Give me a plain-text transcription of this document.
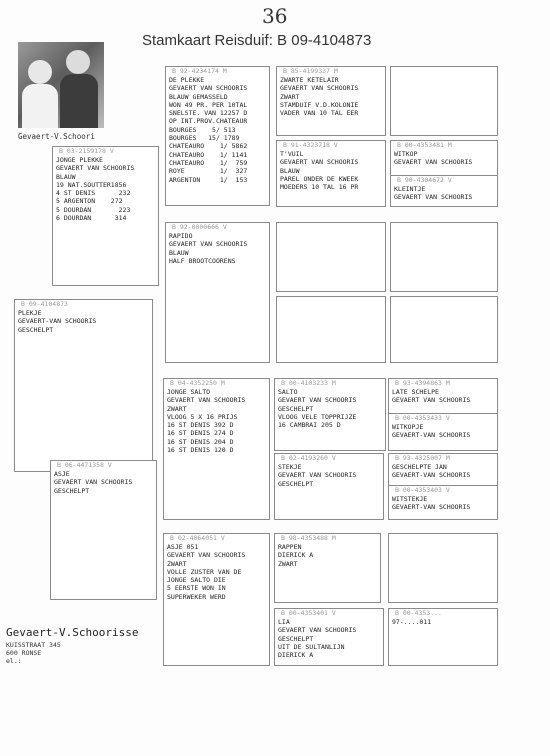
36
Stamkaart Reisduif: B 09-4104873
Gevaert-V.Schoori
B 09-4104873
PLEKJE
GEVAERT-VAN SCHOORIS
GESCHELPT
B 03-2159178 V
JONGE PLEKKE
GEVAERT VAN SCHOORIS
BLAUW
19 NAT.SOUTTER1856
4 ST DENIS      232
5 ARGENTON    272
5 DOURDAN       223
6 DOURDAN      314
B 06-4471358 V
ASJE
GEVAERT VAN SCHOORIS
GESCHELPT
B 92-4234174 M
DE PLEKKE
GEVAERT VAN SCHOORIS
BLAUW GEMASSELD
WON 49 PR. PER 10TAL
SNELSTE. VAN 12257 D
OP INT.PROV.CHATEAUR
BOURGES    5/ 513
BOURGES   15/ 1789
CHATEAURO    1/ 5862
CHATEAURO    1/ 1141
CHATEAURO    1/  759
ROYE         1/  327
ARGENTON     1/  153
B 92-0000666 V
RAPIDO
GEVAERT VAN SCHOORIS
BLAUW
HALF BROOTCOORENS
B 04-4352250 M
JONGE SALTO
GEVAERT VAN SCHOORIS
ZWART
VLOOG 5 X 16 PRIJS
16 ST DENIS 392 D
16 ST DENIS 274 D
16 ST DENIS 204 D
16 ST DENIS 120 D
B 02-4064051 V
ASJE 051
GEVAERT VAN SCHOORIS
ZWART
VOLLE ZUSTER VAN DE
JONGE SALTO DIE
5 EERSTE WON IN
SUPERWEKER WERD
B 85-4199337 M
ZWARTE KETELAIR
GEVAERT VAN SCHOORIS
ZWART
STAMDUIF V.D.KOLONIE
VADER VAN 10 TAL EER
B 91-4323718 V
T'VUIL
GEVAERT VAN SCHOORIS
BLAUW
PAREL ONDER DE KWEEK
MOEDERS 10 TAL 16 PR
B 00-4103233 M
SALTO
GEVAERT VAN SCHOORIS
GESCHELPT
VLOOG VELE TOPPRIJZE
16 CAMBRAI 205 D
B 02-4193260 V
STEKJE
GEVAERT VAN SCHOORIS
GESCHELPT
B 98-4353488 M
RAPPEN
DIERICK A
ZWART
B 00-4353401 V
LIA
GEVAERT VAN SCHOORIS
GESCHELPT
UIT DE SULTANLIJN
DIERICK A
B 00-4353481 M
WITKOP
GEVAERT VAN SCHOORIS
B 90-4304672 V
KLEINTJE
GEVAERT VAN SCHOORIS
B 93-4394863 M
LATE SCHELPE
GEVAERT VAN SCHOORIS
B 00-4353433 V
WITKOPJE
GEVAERT-VAN SCHOORIS
B 93-4325007 M
GESCHELPTE JAN
GEVAERT-VAN SCHOORIS
B 00-4353403 V
WITSTEKJE
GEVAERT-VAN SCHOORIS
B 00-4353...
97-....011
Gevaert-V.Schoorisse
KUISSTRAAT 345
600 RONSE
el.:
